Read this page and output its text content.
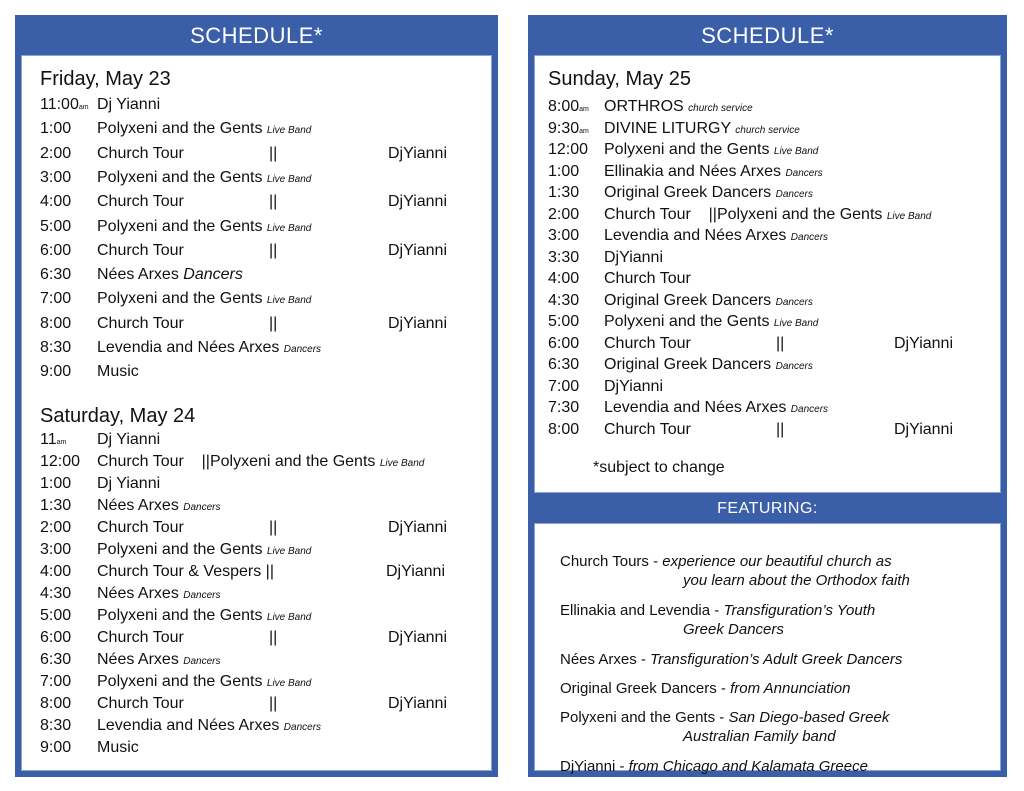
SCHEDULE*
Friday, May 23
11:00am Dj Yianni
1:00 Polyxeni and the Gents Live Band
2:00 Church Tour	||	DjYianni
3:00 Polyxeni and the Gents Live Band
4:00 Church Tour	||	DjYianni
5:00 Polyxeni and the Gents Live Band
6:00 Church Tour	||	DjYianni
6:30 Nées Arxes Dancers
7:00 Polyxeni and the Gents Live Band
8:00 Church Tour	||	DjYianni
8:30 Levendia and Nées Arxes Dancers
9:00 Music
Saturday, May 24
11am Dj Yianni
12:00 Church Tour ||Polyxeni and the Gents Live Band
1:00 Dj Yianni
1:30 Nées Arxes Dancers
2:00 Church Tour	||	DjYianni
3:00 Polyxeni and the Gents Live Band
4:00 Church Tour & Vespers ||	DjYianni
4:30 Nées Arxes Dancers
5:00 Polyxeni and the Gents Live Band
6:00 Church Tour	||	DjYianni
6:30 Nées Arxes Dancers
7:00 Polyxeni and the Gents Live Band
8:00 Church Tour	||	DjYianni
8:30 Levendia and Nées Arxes Dancers
9:00 Music
SCHEDULE*
Sunday, May 25
8:00am ORTHROS church service
9:30am DIVINE LITURGY church service
12:00 Polyxeni and the Gents Live Band
1:00 Ellinakia and Nées Arxes Dancers
1:30 Original Greek Dancers Dancers
2:00 Church Tour ||Polyxeni and the Gents Live Band
3:00 Levendia and Nées Arxes Dancers
3:30 DjYianni
4:00 Church Tour
4:30 Original Greek Dancers Dancers
5:00 Polyxeni and the Gents Live Band
6:00 Church Tour	||	DjYianni
6:30 Original Greek Dancers Dancers
7:00 DjYianni
7:30 Levendia and Nées Arxes Dancers
8:00 Church Tour	||	DjYianni
*subject to change
FEATURING:
Church Tours - experience our beautiful church as
you learn about the Orthodox faith
Ellinakia and Levendia - Transfiguration’s Youth
Greek Dancers
Nées Arxes - Transfiguration’s Adult Greek Dancers
Original Greek Dancers - from Annunciation
Polyxeni and the Gents - San Diego-based Greek
Australian Family band
DjYianni - from Chicago and Kalamata Greece
